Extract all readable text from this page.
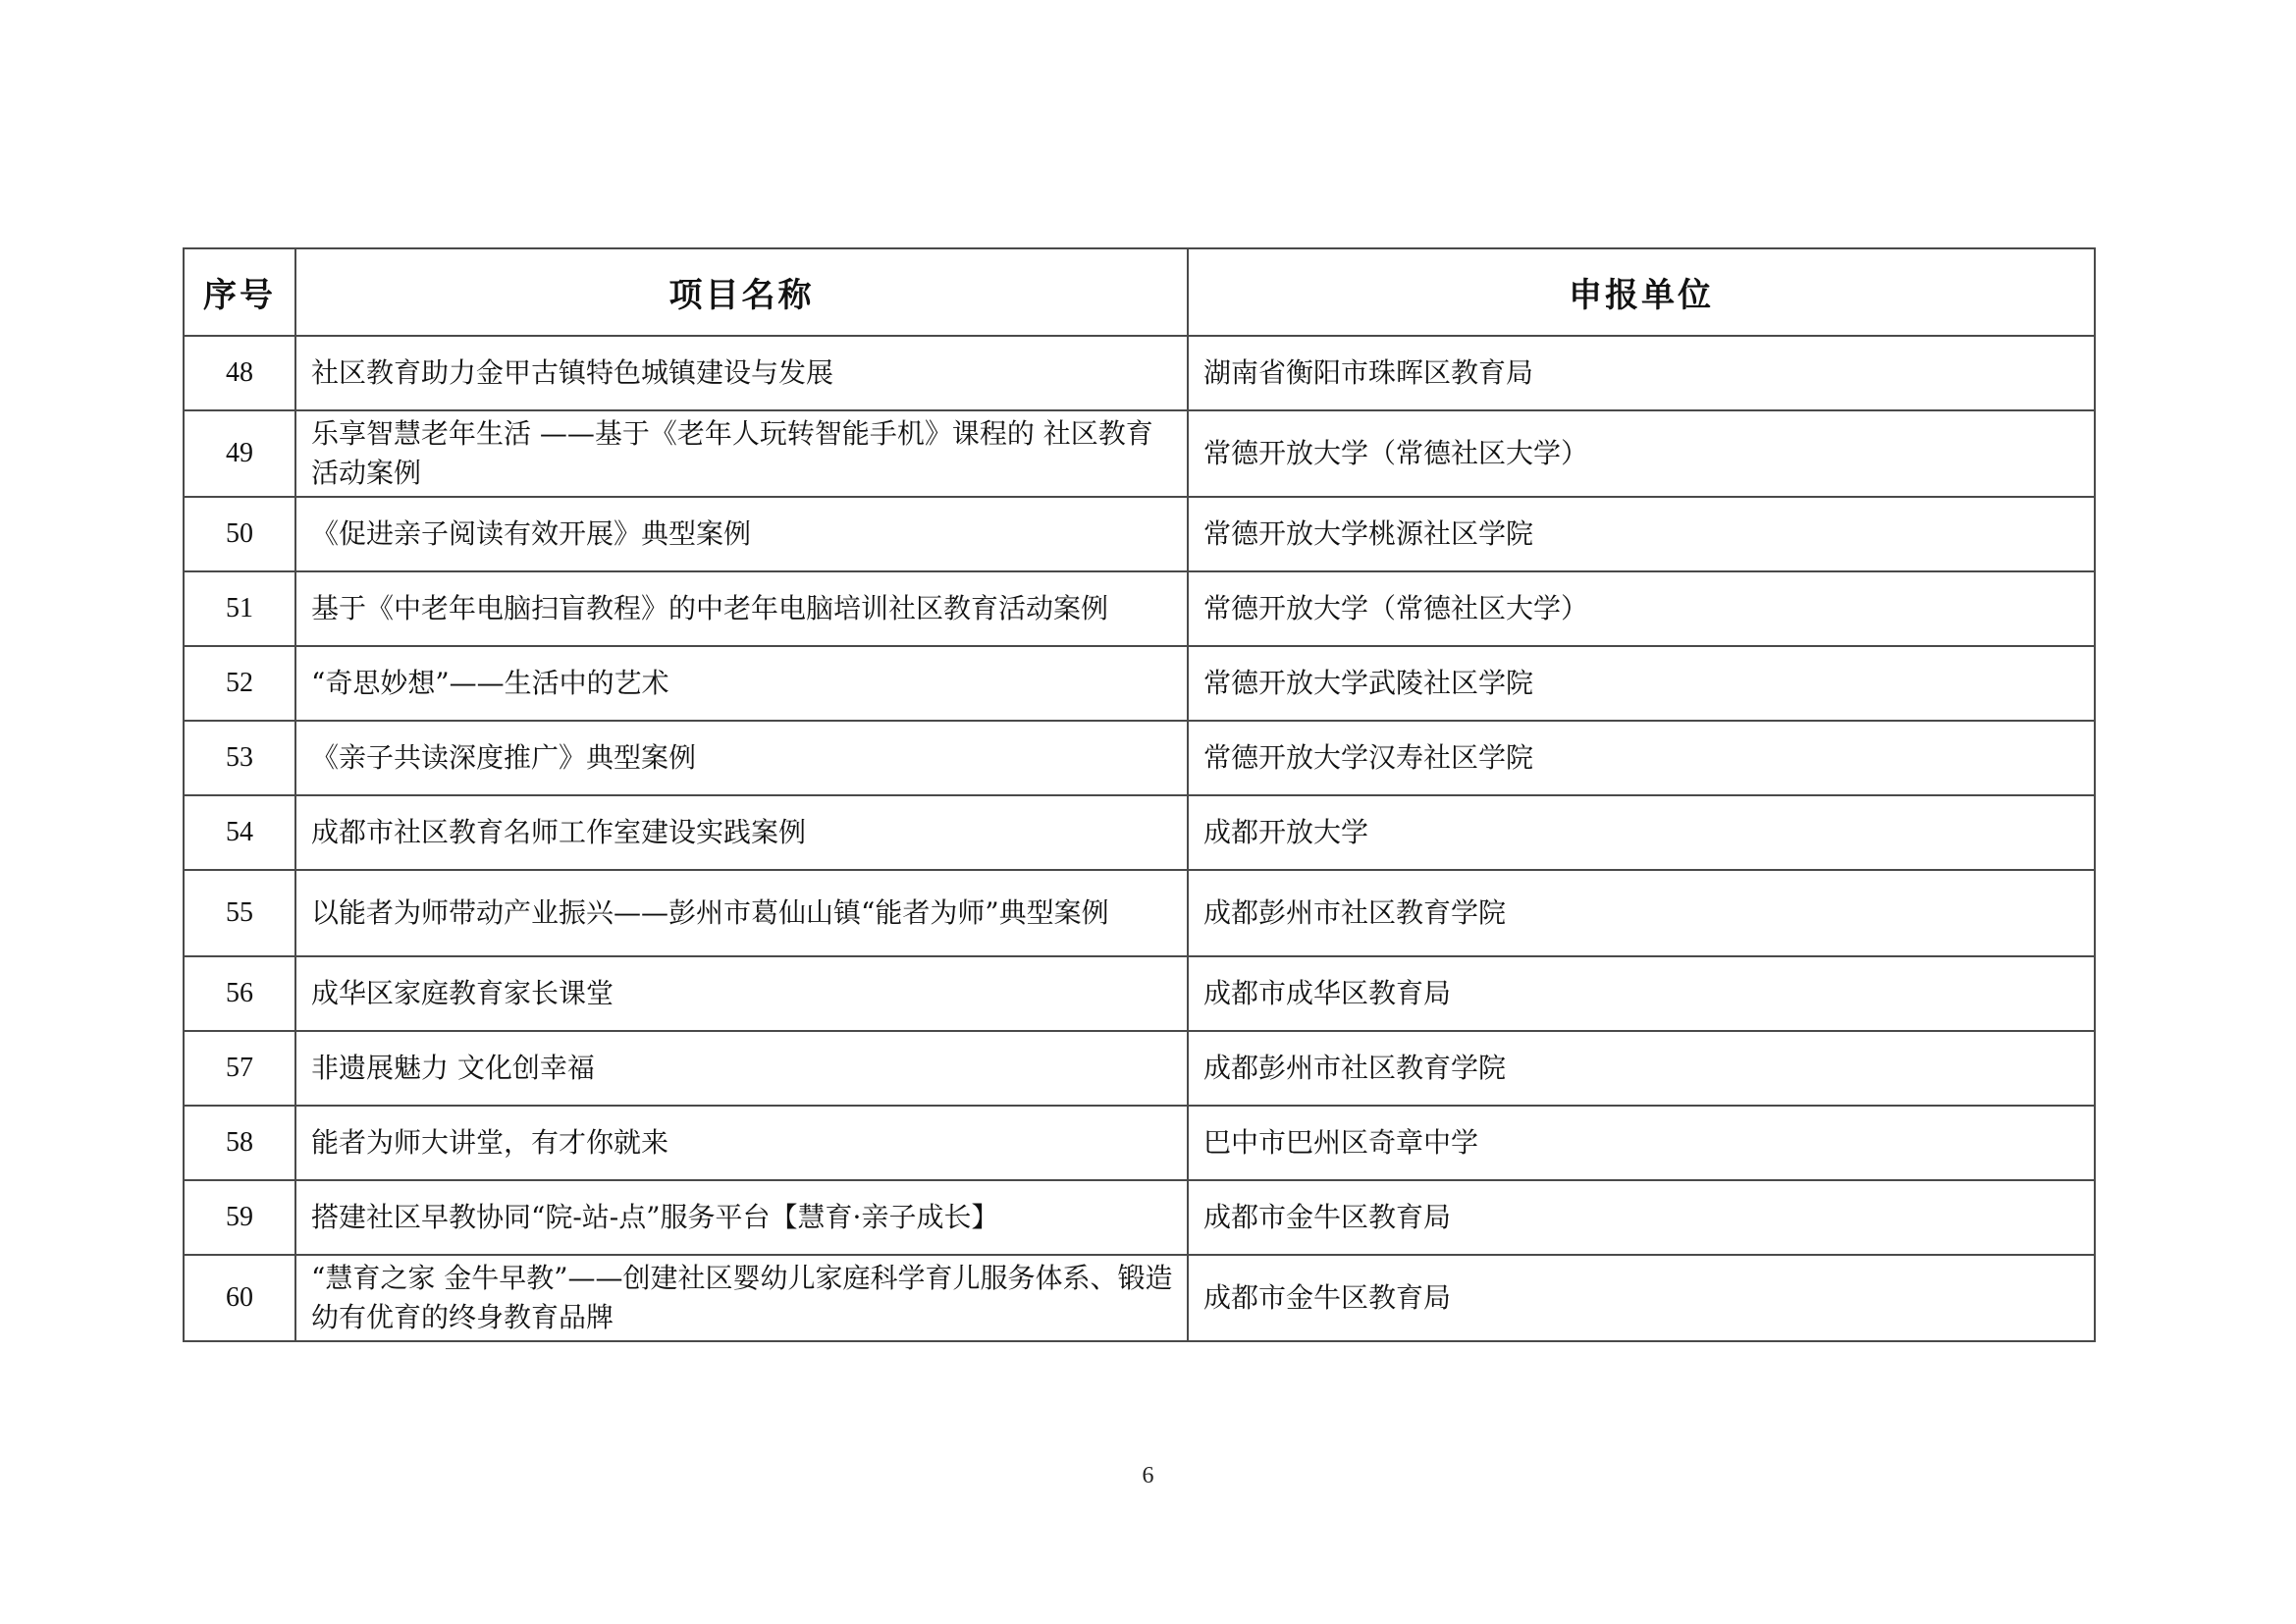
序号	项目名称	申报单位
48	社区教育助力金甲古镇特色城镇建设与发展	湖南省衡阳市珠晖区教育局
49	乐享智慧老年生活 ——基于《老年人玩转智能手机》课程的 社区教育活动案例	常德开放大学（常德社区大学）
50	《促进亲子阅读有效开展》典型案例	常德开放大学桃源社区学院
51	基于《中老年电脑扫盲教程》的中老年电脑培训社区教育活动案例	常德开放大学（常德社区大学）
52	“奇思妙想”——生活中的艺术	常德开放大学武陵社区学院
53	《亲子共读深度推广》典型案例	常德开放大学汉寿社区学院
54	成都市社区教育名师工作室建设实践案例	成都开放大学
55	以能者为师带动产业振兴——彭州市葛仙山镇“能者为师”典型案例	成都彭州市社区教育学院
56	成华区家庭教育家长课堂	成都市成华区教育局
57	非遗展魅力 文化创幸福	成都彭州市社区教育学院
58	能者为师大讲堂，有才你就来	巴中市巴州区奇章中学
59	搭建社区早教协同“院-站-点”服务平台【慧育·亲子成长】	成都市金牛区教育局
60	“慧育之家 金牛早教”——创建社区婴幼儿家庭科学育儿服务体系、锻造幼有优育的终身教育品牌	成都市金牛区教育局
6
